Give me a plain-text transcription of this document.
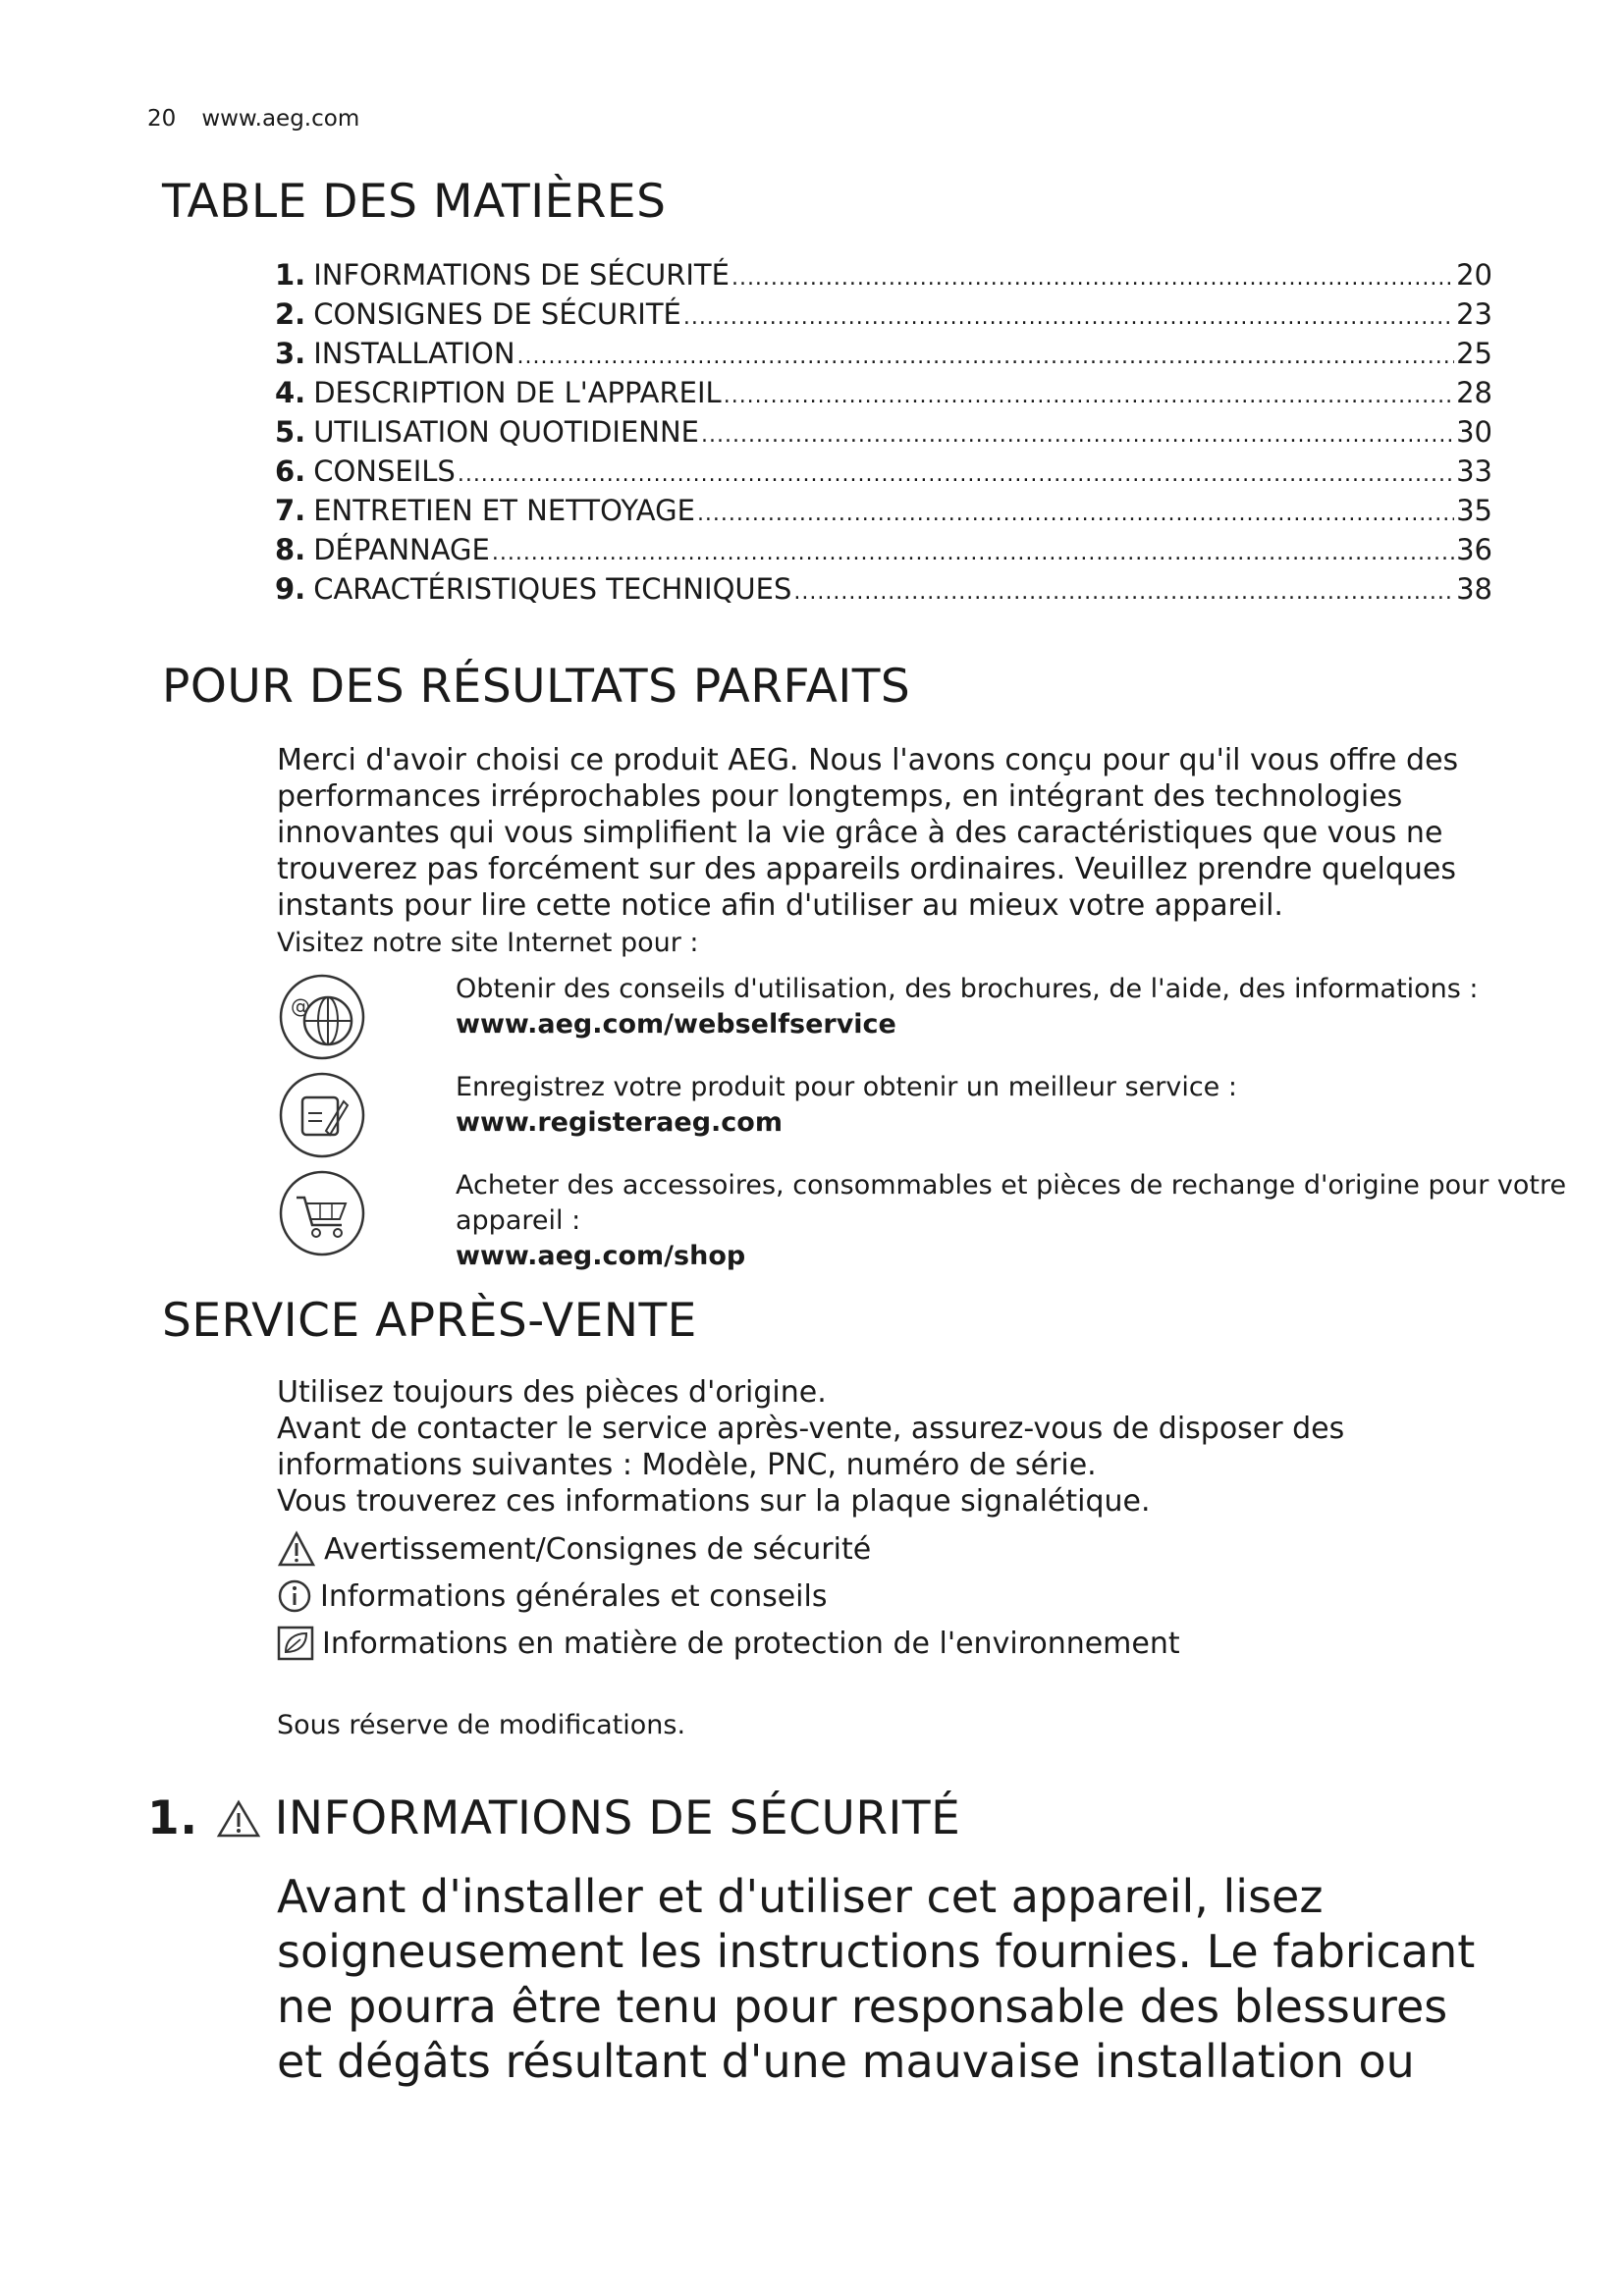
20 www.aeg.com
TABLE DES MATIÈRES
1. INFORMATIONS DE SÉCURITÉ .....	20
2. CONSIGNES DE SÉCURITÉ .....	23
3. INSTALLATION .....	25
4. DESCRIPTION DE L'APPAREIL .....	28
5. UTILISATION QUOTIDIENNE .....	30
6. CONSEILS .....	33
7. ENTRETIEN ET NETTOYAGE .....	35
8. DÉPANNAGE .....	36
9. CARACTÉRISTIQUES TECHNIQUES .....	38
POUR DES RÉSULTATS PARFAITS
Merci d'avoir choisi ce produit AEG. Nous l'avons conçu pour qu'il vous offre des performances irréprochables pour longtemps, en intégrant des technologies innovantes qui vous simplifient la vie grâce à des caractéristiques que vous ne trouverez pas forcément sur des appareils ordinaires. Veuillez prendre quelques instants pour lire cette notice afin d'utiliser au mieux votre appareil.
Visitez notre site Internet pour :
@
Obtenir des conseils d'utilisation, des brochures, de l'aide, des informations :
www.aeg.com/webselfservice
Enregistrez votre produit pour obtenir un meilleur service :
www.registeraeg.com
Acheter des accessoires, consommables et pièces de rechange d'origine pour votre appareil :
www.aeg.com/shop
SERVICE APRÈS-VENTE
Utilisez toujours des pièces d'origine.
Avant de contacter le service après-vente, assurez-vous de disposer des informations suivantes : Modèle, PNC, numéro de série.
Vous trouverez ces informations sur la plaque signalétique.
Avertissement/Consignes de sécurité
Informations générales et conseils
Informations en matière de protection de l'environnement
Sous réserve de modifications.
1. INFORMATIONS DE SÉCURITÉ
Avant d'installer et d'utiliser cet appareil, lisez soigneusement les instructions fournies. Le fabricant ne pourra être tenu pour responsable des blessures et dégâts résultant d'une mauvaise installation ou
